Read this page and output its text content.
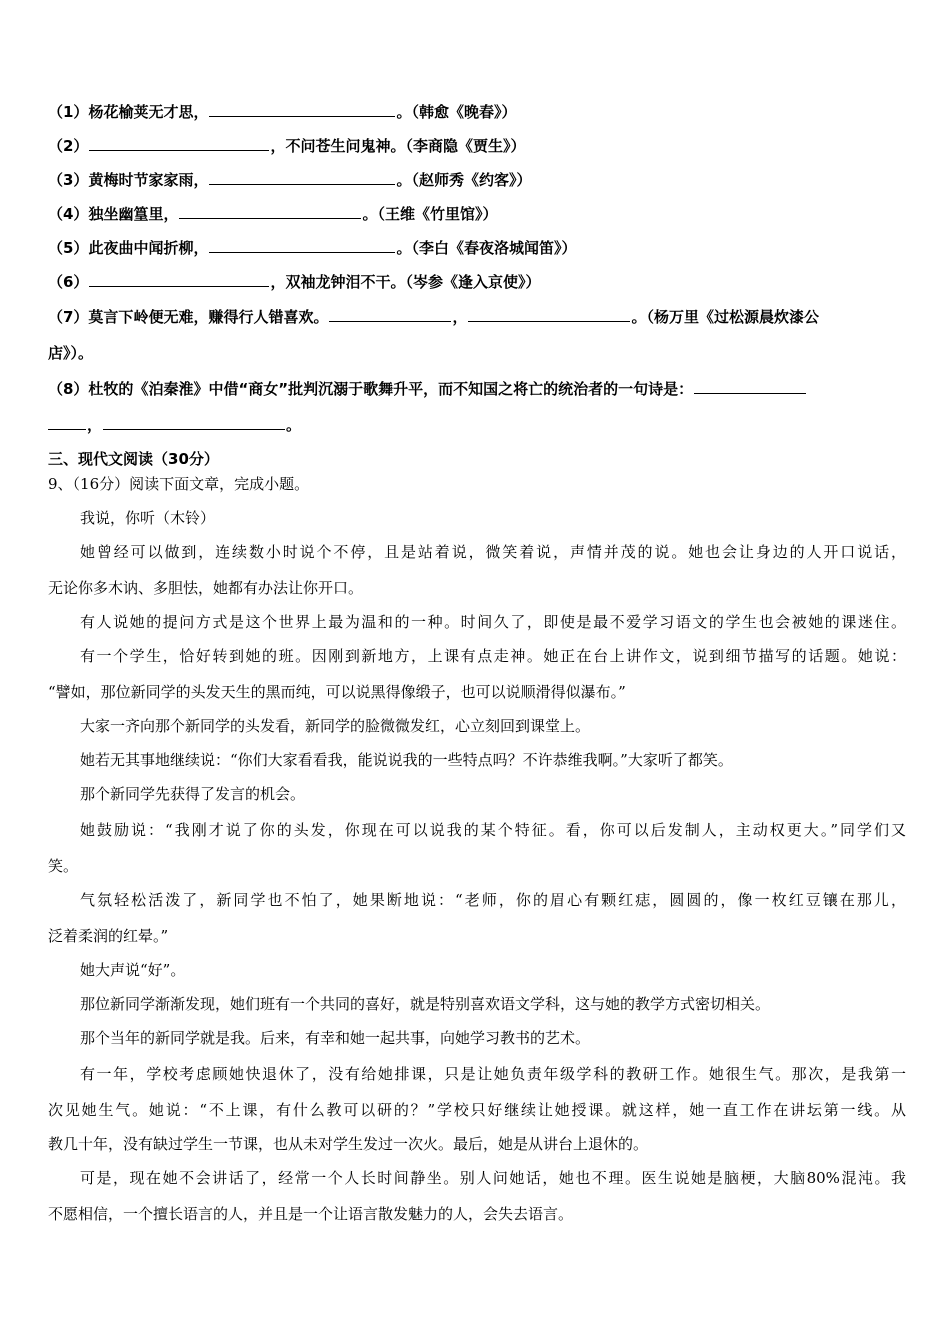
（1）杨花榆荚无才思，	。（韩愈《晚春》）
（2）	，不问苍生问鬼神。（李商隐《贾生》）
（3）黄梅时节家家雨，	。（赵师秀《约客》）
（4）独坐幽篁里，	。（王维《竹里馆》）
（5）此夜曲中闻折柳，	。（李白《春夜洛城闻笛》）
（6）	，双袖龙钟泪不干。（岑参《逢入京使》）
（7）莫言下岭便无难，赚得行人错喜欢。	，	。（杨万里《过松源晨炊漆公
店》）。
（8）杜牧的《泊秦淮》中借“商女”批判沉溺于歌舞升平，而不知国之将亡的统治者的一句诗是：
，	。
三、现代文阅读（30分）
9、（16分）阅读下面文章，完成小题。
我说，你听（木铃）
她曾经可以做到，连续数小时说个不停，且是站着说，微笑着说，声情并茂的说。她也会让身边的人开口说话，
无论你多木讷、多胆怯，她都有办法让你开口。
有人说她的提问方式是这个世界上最为温和的一种。时间久了，即使是最不爱学习语文的学生也会被她的课迷住。
有一个学生，恰好转到她的班。因刚到新地方，上课有点走神。她正在台上讲作文，说到细节描写的话题。她说：
“譬如，那位新同学的头发天生的黑而纯，可以说黑得像缎子，也可以说顺滑得似瀑布。”
大家一齐向那个新同学的头发看，新同学的脸微微发红，心立刻回到课堂上。
她若无其事地继续说：“你们大家看看我，能说说我的一些特点吗？不许恭维我啊。”大家听了都笑。
那个新同学先获得了发言的机会。
她鼓励说：“我刚才说了你的头发，你现在可以说我的某个特征。看，你可以后发制人，主动权更大。”同学们又
笑。
气氛轻松活泼了，新同学也不怕了，她果断地说：“老师，你的眉心有颗红痣，圆圆的，像一枚红豆镶在那儿，
泛着柔润的红晕。”
她大声说“好”。
那位新同学渐渐发现，她们班有一个共同的喜好，就是特别喜欢语文学科，这与她的教学方式密切相关。
那个当年的新同学就是我。后来，有幸和她一起共事，向她学习教书的艺术。
有一年，学校考虑顾她快退休了，没有给她排课，只是让她负责年级学科的教研工作。她很生气。那次，是我第一
次见她生气。她说：“不上课，有什么教可以研的？”学校只好继续让她授课。就这样，她一直工作在讲坛第一线。从
教几十年，没有缺过学生一节课，也从未对学生发过一次火。最后，她是从讲台上退休的。
可是，现在她不会讲话了，经常一个人长时间静坐。别人问她话，她也不理。医生说她是脑梗，大脑80%混沌。我
不愿相信，一个擅长语言的人，并且是一个让语言散发魅力的人，会失去语言。
